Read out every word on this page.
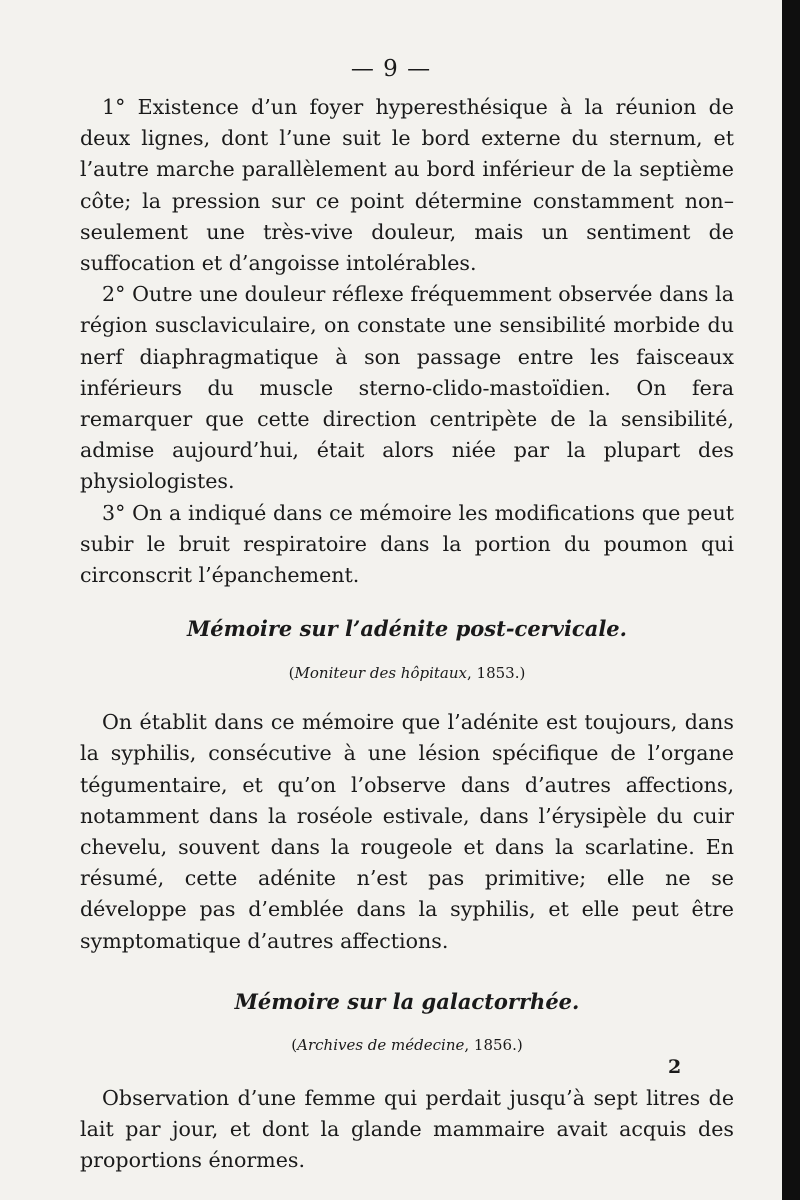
— 9 —

1° Existence d’un foyer hyperesthésique à la réunion de deux lignes, dont l’une suit le bord externe du sternum, et l’autre marche parallèlement au bord inférieur de la septième côte; la pression sur ce point détermine constamment non–seulement une très-vive douleur, mais un sentiment de suffocation et d’angoisse intolérables.

2° Outre une douleur réflexe fréquemment observée dans la région susclaviculaire, on constate une sensibilité morbide du nerf diaphragmatique à son passage entre les faisceaux inférieurs du muscle sterno-clido-mastoïdien. On fera remarquer que cette direction centripète de la sensibilité, admise aujourd’hui, était alors niée par la plupart des physiologistes.

3° On a indiqué dans ce mémoire les modifications que peut subir le bruit respiratoire dans la portion du poumon qui circonscrit l’épanchement.

Mémoire sur l’adénite post-cervicale.

(Moniteur des hôpitaux, 1853.)

On établit dans ce mémoire que l’adénite est toujours, dans la syphilis, consécutive à une lésion spécifique de l’organe tégumentaire, et qu’on l’observe dans d’autres affections, notamment dans la roséole estivale, dans l’érysipèle du cuir chevelu, souvent dans la rougeole et dans la scarlatine. En résumé, cette adénite n’est pas primitive; elle ne se développe pas d’emblée dans la syphilis, et elle peut être symptomatique d’autres affections.

Mémoire sur la galactorrhée.

(Archives de médecine, 1856.)

Observation d’une femme qui perdait jusqu’à sept litres de lait par jour, et dont la glande mammaire avait acquis des proportions énormes.

2
